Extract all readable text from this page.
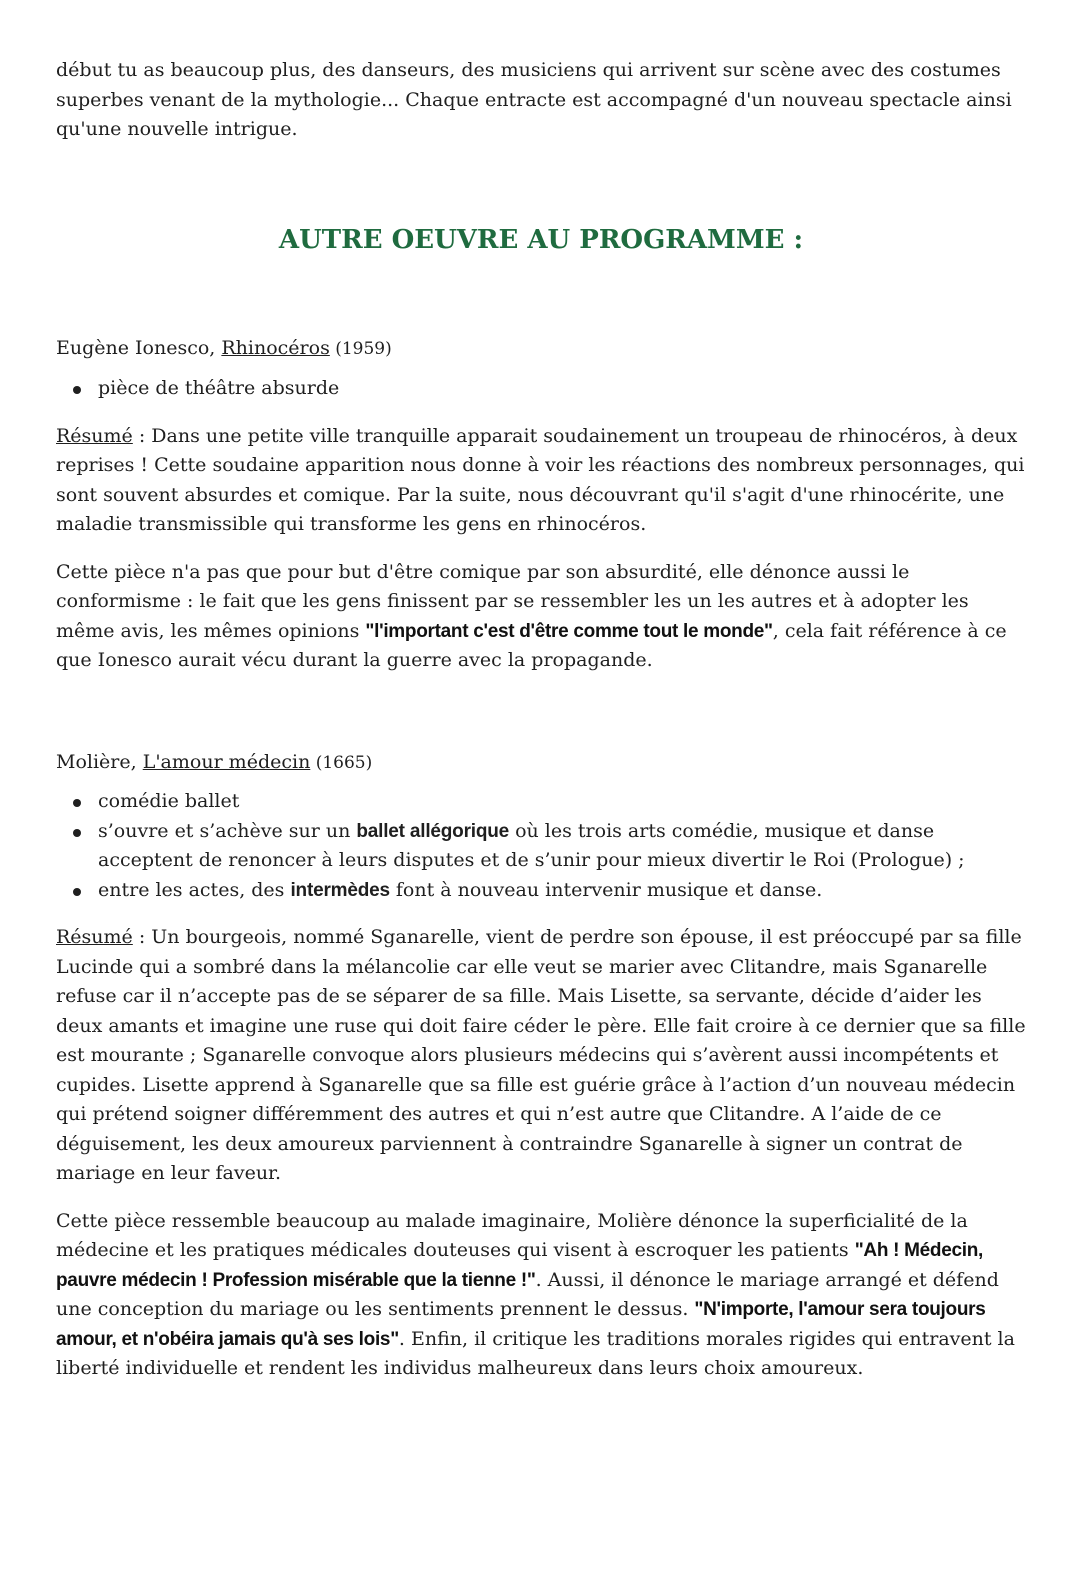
début tu as beaucoup plus, des danseurs, des musiciens qui arrivent sur scène avec des costumes superbes venant de la mythologie... Chaque entracte est accompagné d'un nouveau spectacle ainsi qu'une nouvelle intrigue.

AUTRE OEUVRE AU PROGRAMME :

Eugène Ionesco, Rhinocéros (1959)

pièce de théâtre absurde

Résumé : Dans une petite ville tranquille apparait soudainement un troupeau de rhinocéros, à deux reprises ! Cette soudaine apparition nous donne à voir les réactions des nombreux personnages, qui sont souvent absurdes et comique. Par la suite, nous découvrant qu'il s'agit d'une rhinocérite, une maladie transmissible qui transforme les gens en rhinocéros.

Cette pièce n'a pas que pour but d'être comique par son absurdité, elle dénonce aussi le conformisme : le fait que les gens finissent par se ressembler les un les autres et à adopter les même avis, les mêmes opinions "l'important c'est d'être comme tout le monde", cela fait référence à ce que Ionesco aurait vécu durant la guerre avec la propagande.

Molière, L'amour médecin (1665)

comédie ballet
s’ouvre et s’achève sur un ballet allégorique où les trois arts comédie, musique et danse acceptent de renoncer à leurs disputes et de s’unir pour mieux divertir le Roi (Prologue) ;
entre les actes, des intermèdes font à nouveau intervenir musique et danse.

Résumé : Un bourgeois, nommé Sganarelle, vient de perdre son épouse, il est préoccupé par sa fille Lucinde qui a sombré dans la mélancolie car elle veut se marier avec Clitandre, mais Sganarelle refuse car il n’accepte pas de se séparer de sa fille. Mais Lisette, sa servante, décide d’aider les deux amants et imagine une ruse qui doit faire céder le père. Elle fait croire à ce dernier que sa fille est mourante ; Sganarelle convoque alors plusieurs médecins qui s’avèrent aussi incompétents et cupides. Lisette apprend à Sganarelle que sa fille est guérie grâce à l’action d’un nouveau médecin qui prétend soigner différemment des autres et qui n’est autre que Clitandre. A l’aide de ce déguisement, les deux amoureux parviennent à contraindre Sganarelle à signer un contrat de mariage en leur faveur.

Cette pièce ressemble beaucoup au malade imaginaire, Molière dénonce la superficialité de la médecine et les pratiques médicales douteuses qui visent à escroquer les patients "Ah ! Médecin, pauvre médecin ! Profession misérable que la tienne !". Aussi, il dénonce le mariage arrangé et défend une conception du mariage ou les sentiments prennent le dessus. "N'importe, l'amour sera toujours amour, et n'obéira jamais qu'à ses lois". Enfin, il critique les traditions morales rigides qui entravent la liberté individuelle et rendent les individus malheureux dans leurs choix amoureux.
